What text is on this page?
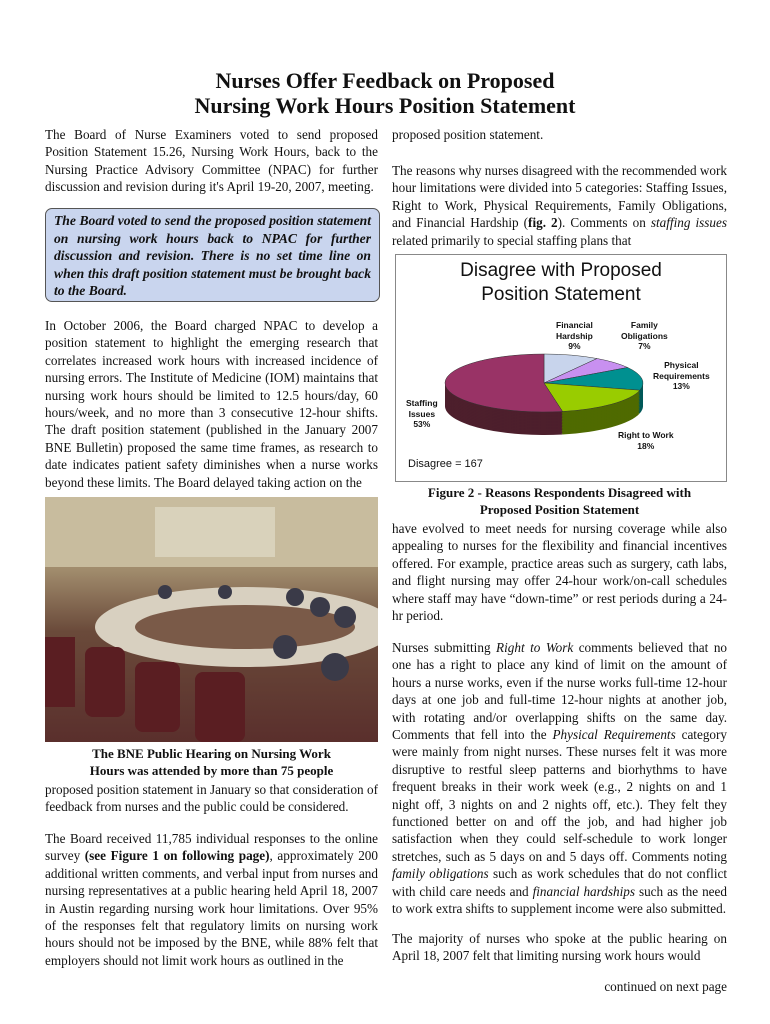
Nurses Offer Feedback on Proposed
Nursing Work Hours Position Statement

The Board of Nurse Examiners voted to send proposed Position Statement 15.26, Nursing Work Hours, back to the Nursing Practice Advisory Committee (NPAC) for further discussion and revision during it's April 19-20, 2007, meeting.

The Board voted to send the proposed position statement on nursing work hours back to NPAC for further discussion and revision. There is no set time line on when this draft position statement must be brought back to the Board.

In October 2006, the Board charged NPAC to develop a position statement to highlight the emerging research that correlates increased work hours with increased incidence of nursing errors. The Institute of Medicine (IOM) maintains that nursing work hours should be limited to 12.5 hours/day, 60 hours/week, and no more than 3 consecutive 12-hour shifts. The draft position statement (published in the January 2007 BNE Bulletin) proposed the same time frames, as research to date indicates patient safety diminishes when a nurse works beyond these limits. The Board delayed taking action on the

The BNE Public Hearing on Nursing Work
Hours was attended by more than 75 people

proposed position statement in January so that consideration of feedback from nurses and the public could be considered.

The Board received 11,785 individual responses to the online survey (see Figure 1 on following page), approximately 200 additional written comments, and verbal input from nurses and nursing representatives at a public hearing held April 18, 2007 in Austin regarding nursing work hour limitations. Over 95% of the responses felt that regulatory limits on nursing work hours should not be imposed by the BNE, while 88% felt that employers should not limit work hours as outlined in the

proposed position statement.

The reasons why nurses disagreed with the recommended work hour limitations were divided into 5 categories: Staffing Issues, Right to Work, Physical Requirements, Family Obligations, and Financial Hardship (fig. 2). Comments on staffing issues related primarily to special staffing plans that

Disagree with Proposed
Position Statement
Financial
Hardship
9%
Family
Obligations
7%
Physical
Requirements
13%
Right to Work
18%
Staffing
Issues
53%
Disagree = 167
Figure 2 - Reasons Respondents Disagreed with
Proposed Position Statement

have evolved to meet needs for nursing coverage while also appealing to nurses for the flexibility and financial incentives offered. For example, practice areas such as surgery, cath labs, and flight nursing may offer 24-hour work/on-call schedules where staff may have “down-time” or rest periods during a 24-hr period.

Nurses submitting Right to Work comments believed that no one has a right to place any kind of limit on the amount of hours a nurse works, even if the nurse works full-time 12-hour days at one job and full-time 12-hour nights at another job, with rotating and/or overlapping shifts on the same day. Comments that fell into the Physical Requirements category were mainly from night nurses. These nurses felt it was more disruptive to restful sleep patterns and biorhythms to have frequent breaks in their work week (e.g., 2 nights on and 1 night off, 3 nights on and 2 nights off, etc.). They felt they functioned better on and off the job, and had higher job satisfaction when they could self-schedule to work longer stretches, such as 5 days on and 5 days off. Comments noting family obligations such as work schedules that do not conflict with child care needs and financial hardships such as the need to work extra shifts to supplement income were also submitted.

The majority of nurses who spoke at the public hearing on April 18, 2007 felt that limiting nursing work hours would

continued on next page
